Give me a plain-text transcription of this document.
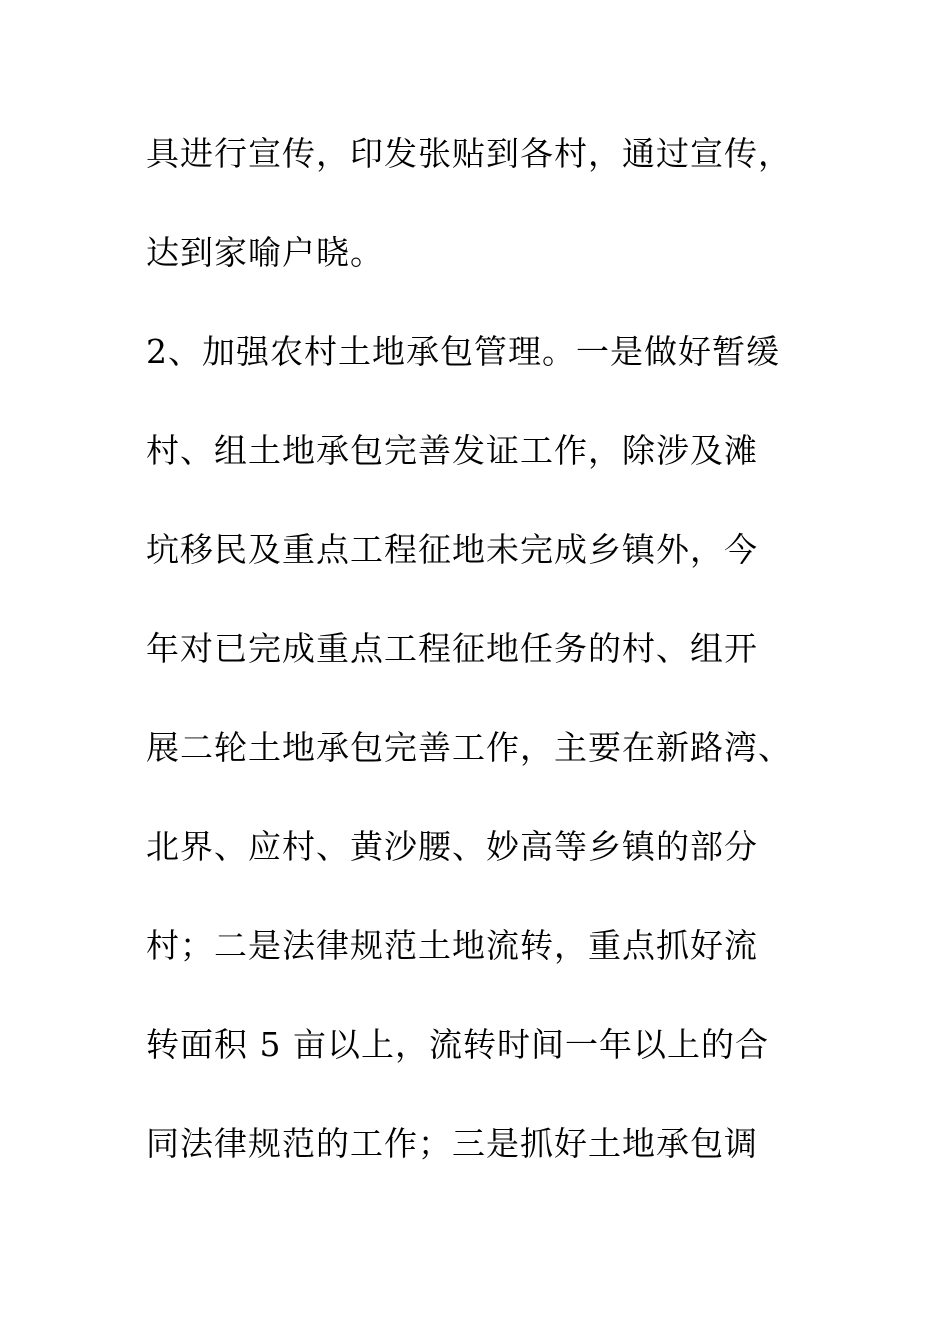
具进行宣传，印发张贴到各村，通过宣传，
达到家喻户晓。
2、加强农村土地承包管理。一是做好暂缓
村、组土地承包完善发证工作，除涉及滩
坑移民及重点工程征地未完成乡镇外，今
年对已完成重点工程征地任务的村、组开
展二轮土地承包完善工作，主要在新路湾、
北界、应村、黄沙腰、妙高等乡镇的部分
村；二是法律规范土地流转，重点抓好流
转面积 5 亩以上，流转时间一年以上的合
同法律规范的工作；三是抓好土地承包调
